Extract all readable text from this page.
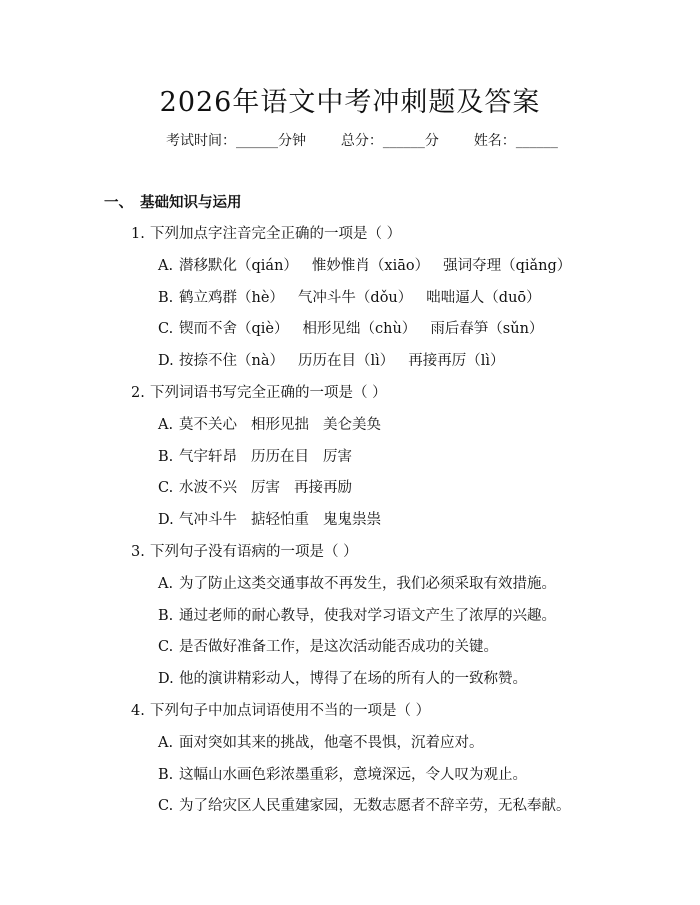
2026年语文中考冲刺题及答案
考试时间：______分钟 总分：______分 姓名：______
一、 基础知识与运用
1. 下列加点字注音完全正确的一项是（ ）
A. 潜移默化（qián） 惟妙惟肖（xiāo） 强词夺理（qiǎng）
B. 鹤立鸡群（hè） 气冲斗牛（dǒu） 咄咄逼人（duō）
C. 锲而不舍（qiè） 相形见绌（chù） 雨后春笋（sǔn）
D. 按捺不住（nà） 历历在目（lì） 再接再厉（lì）
2. 下列词语书写完全正确的一项是（ ）
A. 莫不关心 相形见拙 美仑美奂
B. 气宇轩昂 历历在目 厉害
C. 水波不兴 厉害 再接再励
D. 气冲斗牛 掂轻怕重 鬼鬼祟祟
3. 下列句子没有语病的一项是（ ）
A. 为了防止这类交通事故不再发生，我们必须采取有效措施。
B. 通过老师的耐心教导，使我对学习语文产生了浓厚的兴趣。
C. 是否做好准备工作，是这次活动能否成功的关键。
D. 他的演讲精彩动人，博得了在场的所有人的一致称赞。
4. 下列句子中加点词语使用不当的一项是（ ）
A. 面对突如其来的挑战，他毫不畏惧，沉着应对。
B. 这幅山水画色彩浓墨重彩，意境深远，令人叹为观止。
C. 为了给灾区人民重建家园，无数志愿者不辞辛劳，无私奉献。
